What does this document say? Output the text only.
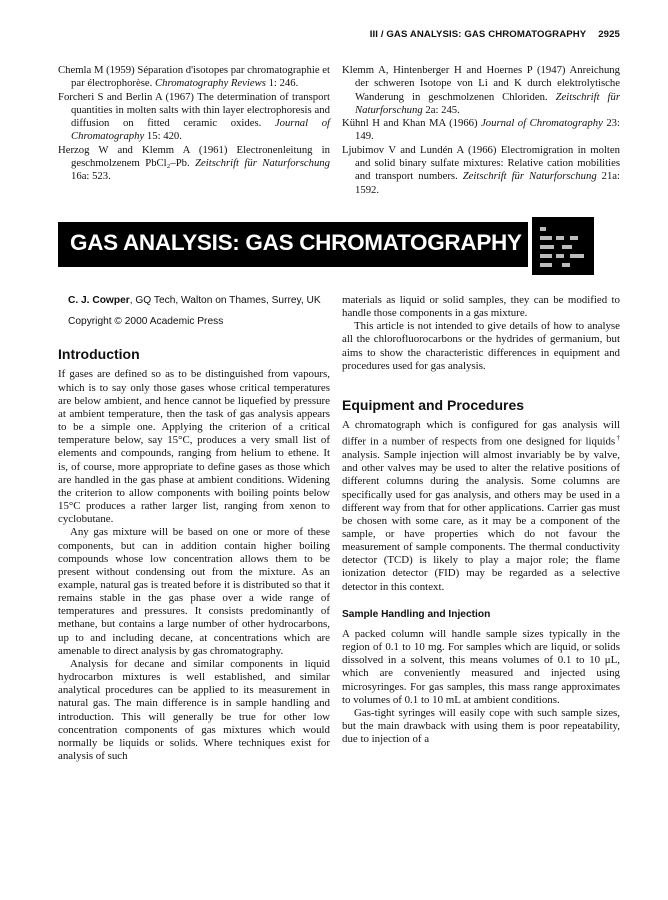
III / GAS ANALYSIS: GAS CHROMATOGRAPHY 2925

Chemla M (1959) Séparation d'isotopes par chromatographie et par électrophorèse. Chromatography Reviews 1: 246.

Forcheri S and Berlin A (1967) The determination of transport quantities in molten salts with thin layer electrophoresis and diffusion on fitted ceramic oxides. Journal of Chromatography 15: 420.

Herzog W and Klemm A (1961) Electronenleitung in geschmolzenem PbCl₂–Pb. Zeitschrift für Naturforschung 16a: 523.

Klemm A, Hintenberger H and Hoernes P (1947) Anreichung der schweren Isotope von Li and K durch elektrolytische Wanderung in geschmolzenen Chloriden. Zeitschrift für Naturforschung 2a: 245.

Kühnl H and Khan MA (1966) Journal of Chromatography 23: 149.

Ljubimov V and Lundén A (1966) Electromigration in molten and solid binary sulfate mixtures: Relative cation mobilities and transport numbers. Zeitschrift für Naturforschung 21a: 1592.

GAS ANALYSIS: GAS CHROMATOGRAPHY
C. J. Cowper, GQ Tech, Walton on Thames, Surrey, UK
Copyright © 2000 Academic Press
Introduction

If gases are defined so as to be distinguished from vapours, which is to say only those gases whose critical temperatures are below ambient, and hence cannot be liquefied by pressure at ambient temperature, then the task of gas analysis appears to be a simple one. Applying the criterion of a critical temperature below, say 15°C, produces a very small list of elements and compounds, ranging from helium to ethene. It is, of course, more appropriate to define gases as those which are handled in the gas phase at ambient conditions. Widening the criterion to allow components with boiling points below 15°C produces a rather larger list, ranging from xenon to cyclobutane.

Any gas mixture will be based on one or more of these components, but can in addition contain higher boiling compounds whose low concentration allows them to be present without condensing out from the mixture. As an example, natural gas is treated before it is distributed so that it remains stable in the gas phase over a wide range of temperatures and pressures. It consists predominantly of methane, but contains a large number of other hydrocarbons, up to and including decane, at concentrations which are amenable to direct analysis by gas chromatography.

Analysis for decane and similar components in liquid hydrocarbon mixtures is well established, and similar analytical procedures can be applied to its measurement in natural gas. The main difference is in sample handling and introduction. This will generally be true for other low concentration components of gas mixtures which would normally be liquids or solids. Where techniques exist for analysis of such

materials as liquid or solid samples, they can be modified to handle those components in a gas mixture.

This article is not intended to give details of how to analyse all the chlorofluorocarbons or the hydrides of germanium, but aims to show the characteristic differences in equipment and procedures used for gas analysis.

Equipment and Procedures

A chromatograph which is configured for gas analysis will differ in a number of respects from one designed for liquids† analysis. Sample injection will almost invariably be by valve, and other valves may be used to alter the relative positions of different columns during the analysis. Some columns are specifically used for gas analysis, and others may be used in a different way from that for other applications. Carrier gas must be chosen with some care, as it may be a component of the sample, or have properties which do not favour the measurement of sample components. The thermal conductivity detector (TCD) is likely to play a major role; the flame ionization detector (FID) may be regarded as a selective detector in this context.

Sample Handling and Injection

A packed column will handle sample sizes typically in the region of 0.1 to 10 mg. For samples which are liquid, or solids dissolved in a solvent, this means volumes of 0.1 to 10 μL, which are conveniently measured and injected using microsyringes. For gas samples, this mass range approximates to volumes of 0.1 to 10 mL at ambient conditions.

Gas-tight syringes will easily cope with such sample sizes, but the main drawback with using them is poor repeatability, due to injection of a
